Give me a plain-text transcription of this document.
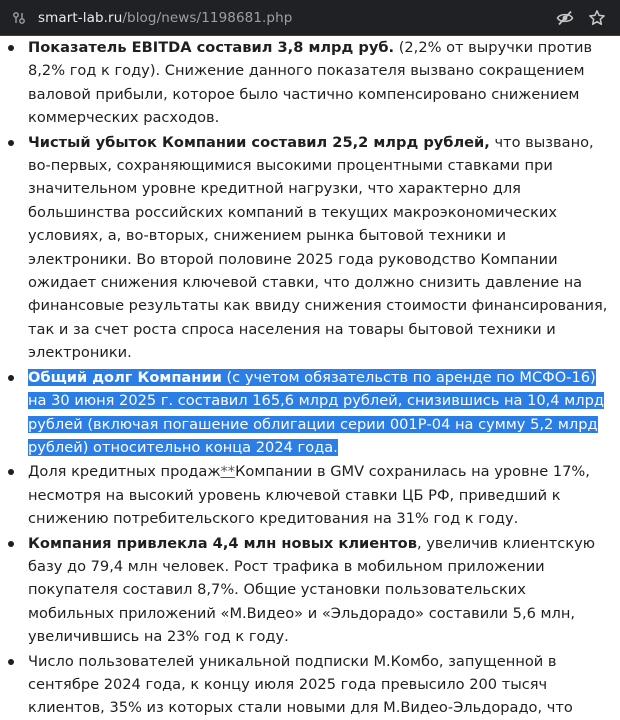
smart-lab.ru/blog/news/1198681.php
Показатель EBITDA составил 3,8 млрд руб. (2,2% от выручки против 8,2% год к году). Снижение данного показателя вызвано сокращением валовой прибыли, которое было частично компенсировано снижением коммерческих расходов.
Чистый убыток Компании составил 25,2 млрд рублей, что вызвано, во-первых, сохраняющимися высокими процентными ставками при значительном уровне кредитной нагрузки, что характерно для большинства российских компаний в текущих макроэкономических условиях, а, во-вторых, снижением рынка бытовой техники и электроники. Во второй половине 2025 года руководство Компании ожидает снижения ключевой ставки, что должно снизить давление на финансовые результаты как ввиду снижения стоимости финансирования, так и за счет роста спроса населения на товары бытовой техники и электроники.
Общий долг Компании (с учетом обязательств по аренде по МСФО-16) на 30 июня 2025 г. составил 165,6 млрд рублей, снизившись на 10,4 млрд рублей (включая погашение облигации серии 001Р-04 на сумму 5,2 млрд рублей) относительно конца 2024 года.
Доля кредитных продаж**Компании в GMV сохранилась на уровне 17%, несмотря на высокий уровень ключевой ставки ЦБ РФ, приведший к снижению потребительского кредитования на 31% год к году.
Компания привлекла 4,4 млн новых клиентов, увеличив клиентскую базу до 79,4 млн человек. Рост трафика в мобильном приложении покупателя составил 8,7%. Общие установки пользовательских мобильных приложений «М.Видео» и «Эльдорадо» составили 5,6 млн, увеличившись на 23% год к году.
Число пользователей уникальной подписки М.Комбо, запущенной в сентябре 2024 года, к концу июля 2025 года превысило 200 тысяч клиентов, 35% из которых стали новыми для М.Видео-Эльдорадо, что
